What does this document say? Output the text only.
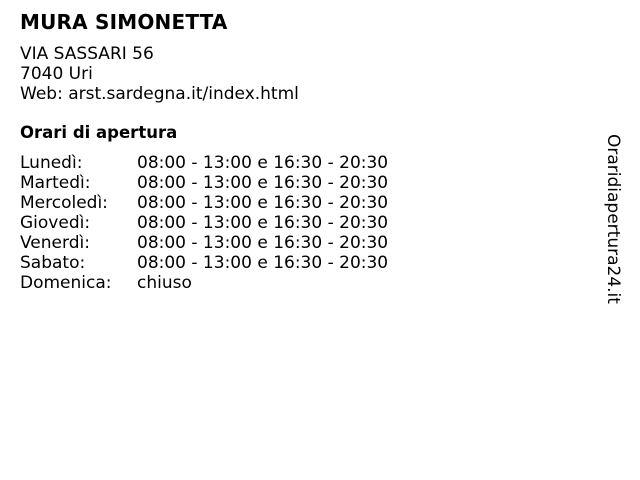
MURA SIMONETTA
VIA SASSARI 56
7040 Uri
Web: arst.sardegna.it/index.html
Orari di apertura
Lunedì:	08:00 - 13:00 e 16:30 - 20:30
Martedì:	08:00 - 13:00 e 16:30 - 20:30
Mercoledì:	08:00 - 13:00 e 16:30 - 20:30
Giovedì:	08:00 - 13:00 e 16:30 - 20:30
Venerdì:	08:00 - 13:00 e 16:30 - 20:30
Sabato:	08:00 - 13:00 e 16:30 - 20:30
Domenica:	chiuso	Oraridiapertura24.it
